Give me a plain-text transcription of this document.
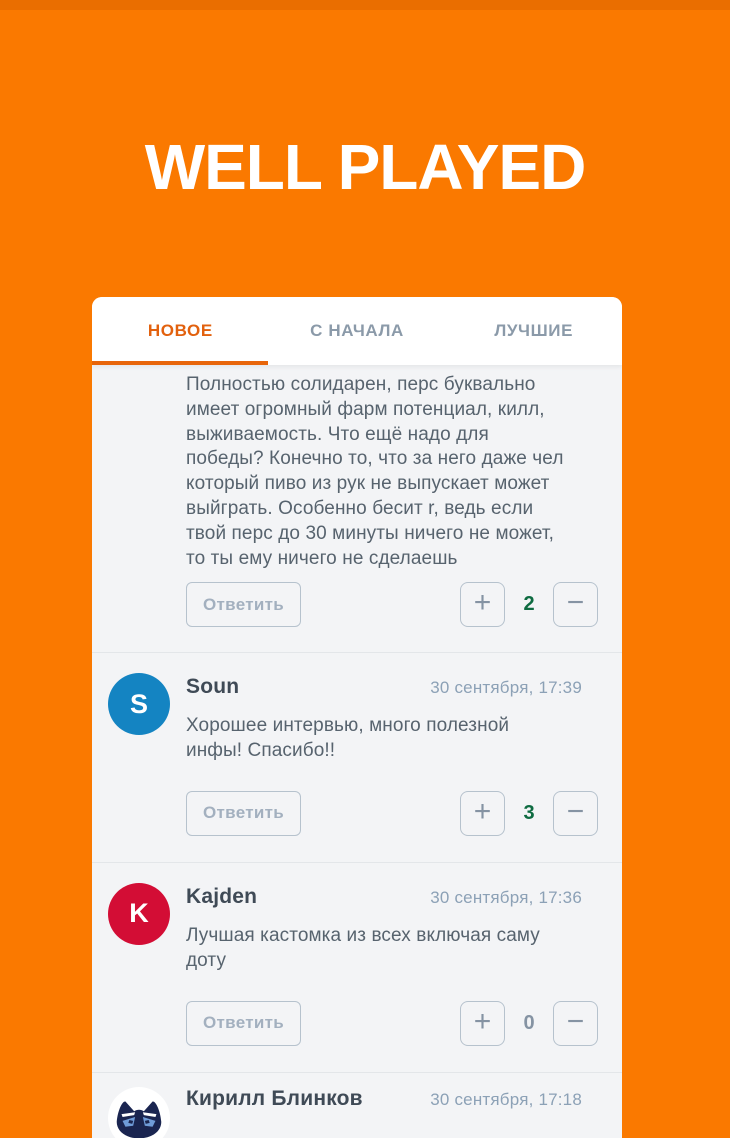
WELL PLAYED
НОВОЕ	С НАЧАЛА	ЛУЧШИЕ
Полностью солидарен, перс буквально имеет огромный фарм потенциал, килл, выживаемость. Что ещё надо для победы? Конечно то, что за него даже чел который пиво из рук не выпускает может выйграть. Особенно бесит r, ведь если твой перс до 30 минуты ничего не может, то ты ему ничего не сделаешь
Ответить	+	2	−
S
Soun	30 сентября, 17:39
Хорошее интервью, много полезной инфы! Спасибо!!
Ответить	+	3	−
K
Kajden	30 сентября, 17:36
Лучшая кастомка из всех включая саму доту
Ответить	+	0	−
Кирилл Блинков	30 сентября, 17:18
